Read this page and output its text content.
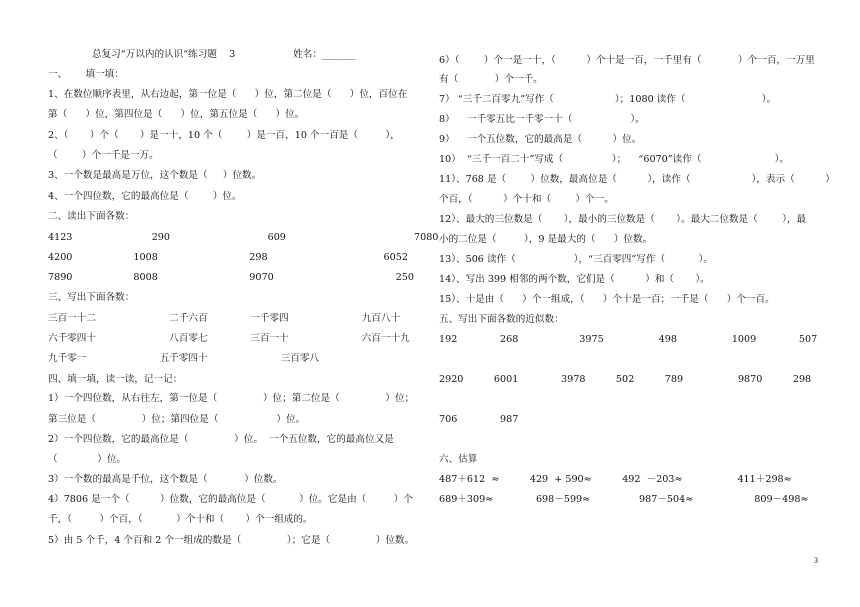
总复习“万以内的认识“练习题    3                   姓名：_______
一、      填一填：
1、在数位顺序表里，从右边起，第一位是（      ）位，第二位是（      ）位，百位在
第（      ）位，第四位是（      ）位，第五位是（      ）位。
2、（       ）个（       ）是一十，10 个（        ）是一百，10 个一百是（         ），
（        ）个一千是一万。
3、一个数是最高是万位，这个数是（     ）位数。
4、一个四位数，它的最高位是（        ）位。
二、读出下面各数：
4123                          290                                609                                          7080
4200                    1008                              298                                      6052
7890                    8008                              9070                                        250
三、写出下面各数：
三百一十二                        二千六百              一千零四                        九百八十
六千零四十                        八百零七              三百一十                        六百一十九
九千零一                        五千零四十                        三百零八
四、填一填，读一读，记一记：
1）一个四位数，从右往左，第一位是（               ）位；第二位是（               ）位；
第三位是（               ）位；第四位是（                   ）位。
2）一个四位数，它的最高位是（               ）位。  一个五位数，它的最高位又是
（             ）位。
3）一个数的最高是千位，这个数是（            ）位数。
4）7806 是一个（          ）位数，它的最高位是（           ）位。它是由（         ）个
千，（         ）个百，（           ）个十和（       ）个一组成的。
5）由 5 个千，4 个百和 2 个一组成的数是（               ）；它是（               ）位数。
6）（        ）个一是一十，（          ）个十是一百，一千里有（            ）个一百，一万里
有（            ）个一千。
7） “三千二百零九”写作（                    ）；1080 读作（                         ）。
8）    一千零五比一千零一十（                   ）。
9）    一个五位数，它的最高是（          ）位。
10）  “三千一百二十”写成（                ）；    “6070”读作（                        ）。
11）、768 是（        ）位数，最高位是（          ），读作（                    ），表示（          ）
个百，（          ）个十和（        ）个一。
12）、最大的三位数是（       ），最小的三位数是（       ）。最大二位数是（        ），最
小的二位是（         ），9 是最大的（      ）位数。
13）、506 读作（                   ），“三百零四”写作（           ）。
14）、写出 399 相邻的两个数，它们是（          ）和（       ）。
15）、十是由（      ）个一组成，（      ）个十是一百；一千是（      ）个一百。
五、写出下面各数的近似数：
192              268                    3975                  498                  1009              507
2920          6001              3978          502          789                  9870          298
706              987
六、估算
487＋612  ≈          429  + 590≈          492  －203≈                  411＋298≈
689＋309≈              698－599≈                987－504≈                    809－498≈
3
